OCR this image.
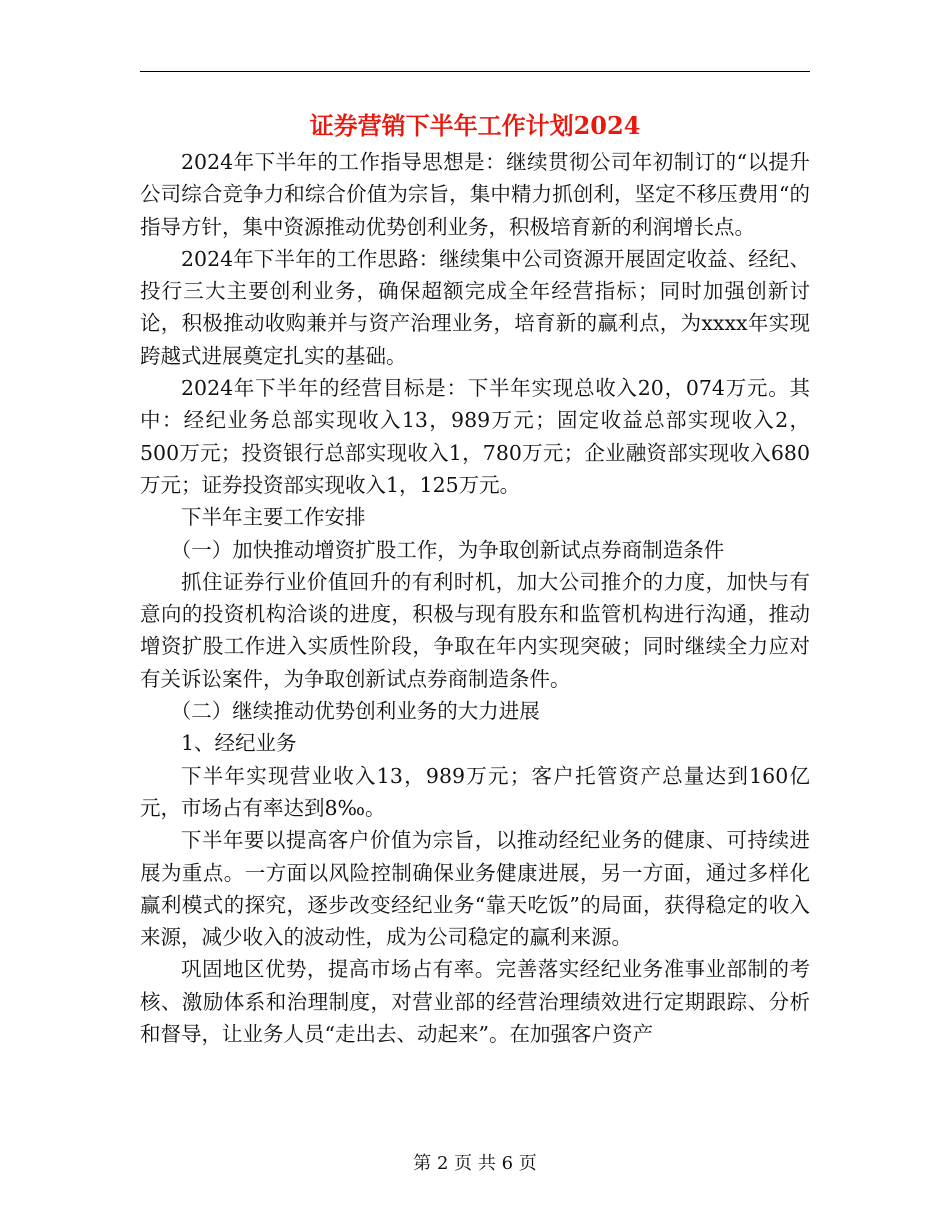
证券营销下半年工作计划2024

2024年下半年的工作指导思想是：继续贯彻公司年初制订的“以提升公司综合竞争力和综合价值为宗旨，集中精力抓创利，坚定不移压费用“的指导方针，集中资源推动优势创利业务，积极培育新的利润增长点。

2024年下半年的工作思路：继续集中公司资源开展固定收益、经纪、投行三大主要创利业务，确保超额完成全年经营指标；同时加强创新讨论，积极推动收购兼并与资产治理业务，培育新的赢利点，为xxxx年实现跨越式进展奠定扎实的基础。

2024年下半年的经营目标是：下半年实现总收入20，074万元。其中：经纪业务总部实现收入13，989万元；固定收益总部实现收入2，500万元；投资银行总部实现收入1，780万元；企业融资部实现收入680万元；证券投资部实现收入1，125万元。

下半年主要工作安排

（一）加快推动增资扩股工作，为争取创新试点券商制造条件

抓住证券行业价值回升的有利时机，加大公司推介的力度，加快与有意向的投资机构洽谈的进度，积极与现有股东和监管机构进行沟通，推动增资扩股工作进入实质性阶段，争取在年内实现突破；同时继续全力应对有关诉讼案件，为争取创新试点券商制造条件。

（二）继续推动优势创利业务的大力进展

1、经纪业务

下半年实现营业收入13，989万元；客户托管资产总量达到160亿元，市场占有率达到8‰。

下半年要以提高客户价值为宗旨，以推动经纪业务的健康、可持续进展为重点。一方面以风险控制确保业务健康进展，另一方面，通过多样化赢利模式的探究，逐步改变经纪业务“靠天吃饭”的局面，获得稳定的收入来源，减少收入的波动性，成为公司稳定的赢利来源。

巩固地区优势，提高市场占有率。完善落实经纪业务准事业部制的考核、激励体系和治理制度，对营业部的经营治理绩效进行定期跟踪、分析和督导，让业务人员“走出去、动起来”。在加强客户资产

第 2 页 共 6 页
